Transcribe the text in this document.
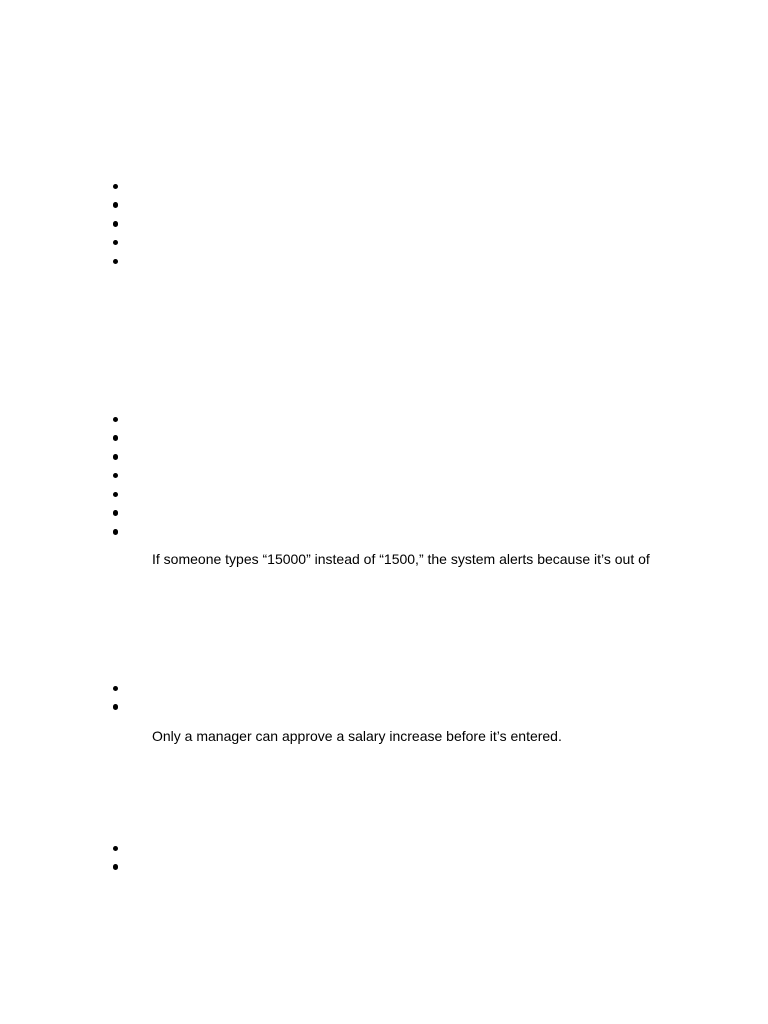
If someone types “15000” instead of “1500,” the system alerts because it’s out of

Only a manager can approve a salary increase before it’s entered.
